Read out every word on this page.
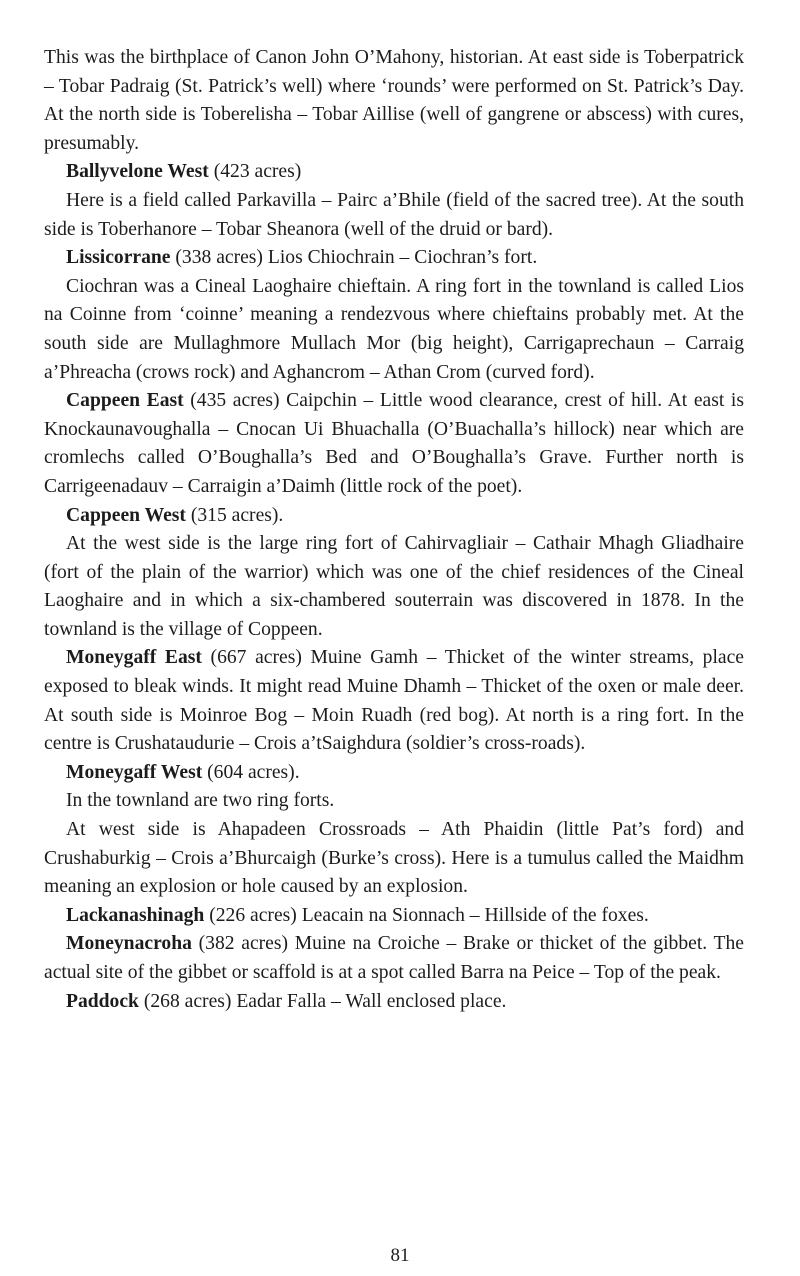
This was the birthplace of Canon John O’Mahony, historian. At east side is Toberpatrick – Tobar Padraig (St. Patrick’s well) where ‘rounds’ were performed on St. Patrick’s Day. At the north side is Toberelisha – Tobar Aillise (well of gangrene or abscess) with cures, presumably.

Ballyvelone West (423 acres)

Here is a field called Parkavilla – Pairc a’Bhile (field of the sacred tree). At the south side is Toberhanore – Tobar Sheanora (well of the druid or bard).

Lissicorrane (338 acres) Lios Chiochrain – Ciochran’s fort.

Ciochran was a Cineal Laoghaire chieftain. A ring fort in the townland is called Lios na Coinne from ‘coinne’ meaning a rendezvous where chieftains probably met. At the south side are Mullaghmore Mullach Mor (big height), Carrigaprechaun – Carraig a’Phreacha (crows rock) and Aghancrom – Athan Crom (curved ford).

Cappeen East (435 acres) Caipchin – Little wood clearance, crest of hill. At east is Knockaunavoughalla – Cnocan Ui Bhuachalla (O’Buachalla’s hillock) near which are cromlechs called O’Boughalla’s Bed and O’Boughalla’s Grave. Further north is Carrigeenadauv – Carraigin a’Daimh (little rock of the poet).

Cappeen West (315 acres).

At the west side is the large ring fort of Cahirvagliair – Cathair Mhagh Gliadhaire (fort of the plain of the warrior) which was one of the chief residences of the Cineal Laoghaire and in which a six-chambered souterrain was discovered in 1878. In the townland is the village of Coppeen.

Moneygaff East (667 acres) Muine Gamh – Thicket of the winter streams, place exposed to bleak winds. It might read Muine Dhamh – Thicket of the oxen or male deer. At south side is Moinroe Bog – Moin Ruadh (red bog). At north is a ring fort. In the centre is Crushataudurie – Crois a’tSaighdura (soldier’s cross-roads).

Moneygaff West (604 acres).

In the townland are two ring forts.

At west side is Ahapadeen Crossroads – Ath Phaidin (little Pat’s ford) and Crushaburkig – Crois a’Bhurcaigh (Burke’s cross). Here is a tumulus called the Maidhm meaning an explosion or hole caused by an explosion.

Lackanashinagh (226 acres) Leacain na Sionnach – Hillside of the foxes.

Moneynacroha (382 acres) Muine na Croiche – Brake or thicket of the gibbet. The actual site of the gibbet or scaffold is at a spot called Barra na Peice – Top of the peak.

Paddock (268 acres) Eadar Falla – Wall enclosed place.

81
